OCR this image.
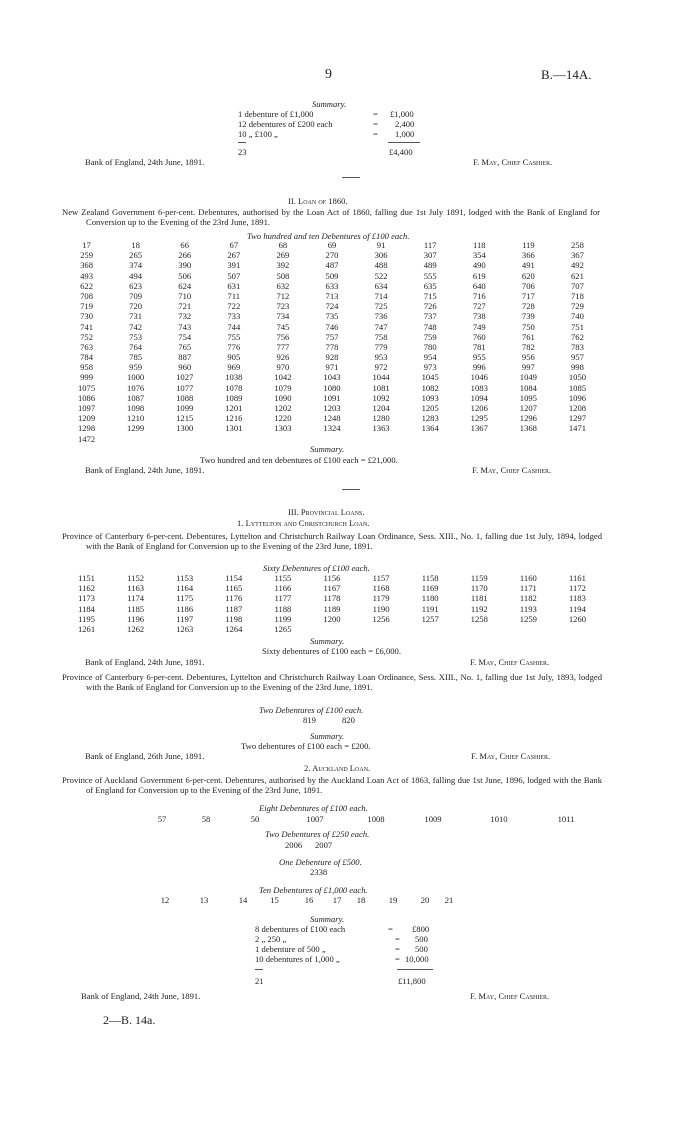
9	B.—14A.
Summary.
1 debenture of £1,000	= £1,000
12 debentures of £200 each	= 2,400
10 „ £100 „	= 1,000
23	£4,400
Bank of England, 24th June, 1891.	F. May, Chief Cashier.
II. Loan of 1860.
New Zealand Government 6-per-cent. Debentures, authorised by the Loan Act of 1860, falling due 1st July 1891, lodged with the Bank of England for Conversion up to the Evening of the 23rd June, 1891.
Two hundred and ten Debentures of £100 each.
17	18	66	67	68	69	91	117	118	119	258
259	265	266	267	269	270	306	307	354	366	367
368	374	390	391	392	487	488	489	490	491	492
493	494	506	507	508	509	522	555	619	620	621
622	623	624	631	632	633	634	635	640	706	707
708	709	710	711	712	713	714	715	716	717	718
719	720	721	722	723	724	725	726	727	728	729
730	731	732	733	734	735	736	737	738	739	740
741	742	743	744	745	746	747	748	749	750	751
752	753	754	755	756	757	758	759	760	761	762
763	764	765	776	777	778	779	780	781	782	783
784	785	887	905	926	928	953	954	955	956	957
958	959	960	969	970	971	972	973	996	997	998
999	1000	1027	1038	1042	1043	1044	1045	1046	1049	1050
1075	1076	1077	1078	1079	1080	1081	1082	1083	1084	1085
1086	1087	1088	1089	1090	1091	1092	1093	1094	1095	1096
1097	1098	1099	1201	1202	1203	1204	1205	1206	1207	1208
1209	1210	1215	1216	1220	1248	1280	1283	1295	1296	1297
1298	1299	1300	1301	1303	1324	1363	1364	1367	1368	1471
1472
Summary.
Two hundred and ten debentures of £100 each = £21,000.
Bank of England, 24th June, 1891.	F. May, Chief Cashier.
III. Provincial Loans.
1. Lyttelton and Christchurch Loan.
Province of Canterbury 6-per-cent. Debentures, Lyttelton and Christchurch Railway Loan Ordinance, Sess. XIII., No. 1, falling due 1st July, 1894, lodged with the Bank of England for Conversion up to the Evening of the 23rd June, 1891.
Sixty Debentures of £100 each.
1151	1152	1153	1154	1155	1156	1157	1158	1159	1160	1161
1162	1163	1164	1165	1166	1167	1168	1169	1170	1171	1172
1173	1174	1175	1176	1177	1178	1179	1180	1181	1182	1183
1184	1185	1186	1187	1188	1189	1190	1191	1192	1193	1194
1195	1196	1197	1198	1199	1200	1256	1257	1258	1259	1260
1261	1262	1263	1264	1265
Summary.
Sixty debentures of £100 each = £6,000.
Bank of England, 24th June, 1891.	F. May, Chief Cashier.
Province of Canterbury 6-per-cent. Debentures, Lyttelton and Christchurch Railway Loan Ordinance, Sess. XIII., No. 1, falling due 1st July, 1893, lodged with the Bank of England for Conversion up to the Evening of the 23rd June, 1891.
Two Debentures of £100 each.
819	820
Summary.
Two debentures of £100 each = £200.
Bank of England, 26th June, 1891.	F. May, Chief Cashier.
2. Auckland Loan.
Province of Auckland Government 6-per-cent. Debentures, authorised by the Auckland Loan Act of 1863, falling due 1st June, 1896, lodged with the Bank of England for Conversion up to the Evening of the 23rd June, 1891.
Eight Debentures of £100 each.
57	58	50	1007	1008	1009	1010	1011
Two Debentures of £250 each.
2006 2007
One Debenture of £500.
2338
Ten Debentures of £1,000 each.
12	13	14	15	16	17	18	19	20	21
Summary.
8 debentures of £100 each	= £800
2 „ 250 „	= 500
1 debenture of 500 „	= 500
10 debentures of 1,000 „	= 10,000
21	£11,800
Bank of England, 24th June, 1891.	F. May, Chief Cashier.
2—B. 14a.
